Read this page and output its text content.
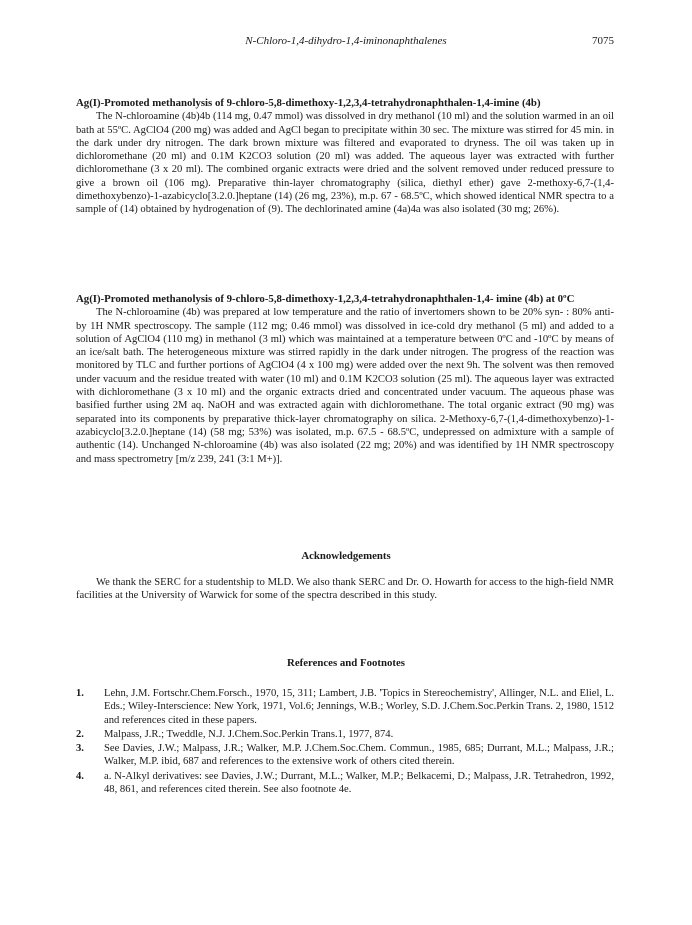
N-Chloro-1,4-dihydro-1,4-iminonaphthalenes	7075

Ag(I)-Promoted methanolysis of 9-chloro-5,8-dimethoxy-1,2,3,4-tetrahydronaphthalen-1,4-imine (4b)

The N-chloroamine (4b)4b (114 mg, 0.47 mmol) was dissolved in dry methanol (10 ml) and the solution warmed in an oil bath at 55ºC. AgClO4 (200 mg) was added and AgCl began to precipitate within 30 sec. The mixture was stirred for 45 min. in the dark under dry nitrogen. The dark brown mixture was filtered and evaporated to dryness. The oil was taken up in dichloromethane (20 ml) and 0.1M K2CO3 solution (20 ml) was added. The aqueous layer was extracted with further dichloromethane (3 x 20 ml). The combined organic extracts were dried and the solvent removed under reduced pressure to give a brown oil (106 mg). Preparative thin-layer chromatography (silica, diethyl ether) gave 2-methoxy-6,7-(1,4-dimethoxybenzo)-1-azabicyclo[3.2.0.]heptane (14) (26 mg, 23%), m.p. 67 - 68.5ºC, which showed identical NMR spectra to a sample of (14) obtained by hydrogenation of (9). The dechlorinated amine (4a)4a was also isolated (30 mg; 26%).

Ag(I)-Promoted methanolysis of 9-chloro-5,8-dimethoxy-1,2,3,4-tetrahydronaphthalen-1,4- imine (4b) at 0ºC

The N-chloroamine (4b) was prepared at low temperature and the ratio of invertomers shown to be 20% syn- : 80% anti- by 1H NMR spectroscopy. The sample (112 mg; 0.46 mmol) was dissolved in ice-cold dry methanol (5 ml) and added to a solution of AgClO4 (110 mg) in methanol (3 ml) which was maintained at a temperature between 0ºC and -10ºC by means of an ice/salt bath. The heterogeneous mixture was stirred rapidly in the dark under nitrogen. The progress of the reaction was monitored by TLC and further portions of AgClO4 (4 x 100 mg) were added over the next 9h. The solvent was then removed under vacuum and the residue treated with water (10 ml) and 0.1M K2CO3 solution (25 ml). The aqueous layer was extracted with dichloromethane (3 x 10 ml) and the organic extracts dried and concentrated under vacuum. The aqueous phase was basified further using 2M aq. NaOH and was extracted again with dichloromethane. The total organic extract (90 mg) was separated into its components by preparative thick-layer chromatography on silica. 2-Methoxy-6,7-(1,4-dimethoxybenzo)-1-azabicyclo[3.2.0.]heptane (14) (58 mg; 53%) was isolated, m.p. 67.5 - 68.5ºC, undepressed on admixture with a sample of authentic (14). Unchanged N-chloroamine (4b) was also isolated (22 mg; 20%) and was identified by 1H NMR spectroscopy and mass spectrometry [m/z 239, 241 (3:1 M+)].

Acknowledgements

We thank the SERC for a studentship to MLD. We also thank SERC and Dr. O. Howarth for access to the high-field NMR facilities at the University of Warwick for some of the spectra described in this study.

References and Footnotes
1. Lehn, J.M. Fortschr.Chem.Forsch., 1970, 15, 311; Lambert, J.B. 'Topics in Stereochemistry', Allinger, N.L. and Eliel, L. Eds.; Wiley-Interscience: New York, 1971, Vol.6; Jennings, W.B.; Worley, S.D. J.Chem.Soc.Perkin Trans. 2, 1980, 1512 and references cited in these papers.
2. Malpass, J.R.; Tweddle, N.J. J.Chem.Soc.Perkin Trans.1, 1977, 874.
3. See Davies, J.W.; Malpass, J.R.; Walker, M.P. J.Chem.Soc.Chem. Commun., 1985, 685; Durrant, M.L.; Malpass, J.R.; Walker, M.P. ibid, 687 and references to the extensive work of others cited therein.
4. a. N-Alkyl derivatives: see Davies, J.W.; Durrant, M.L.; Walker, M.P.; Belkacemi, D.; Malpass, J.R. Tetrahedron, 1992, 48, 861, and references cited therein. See also footnote 4e.
